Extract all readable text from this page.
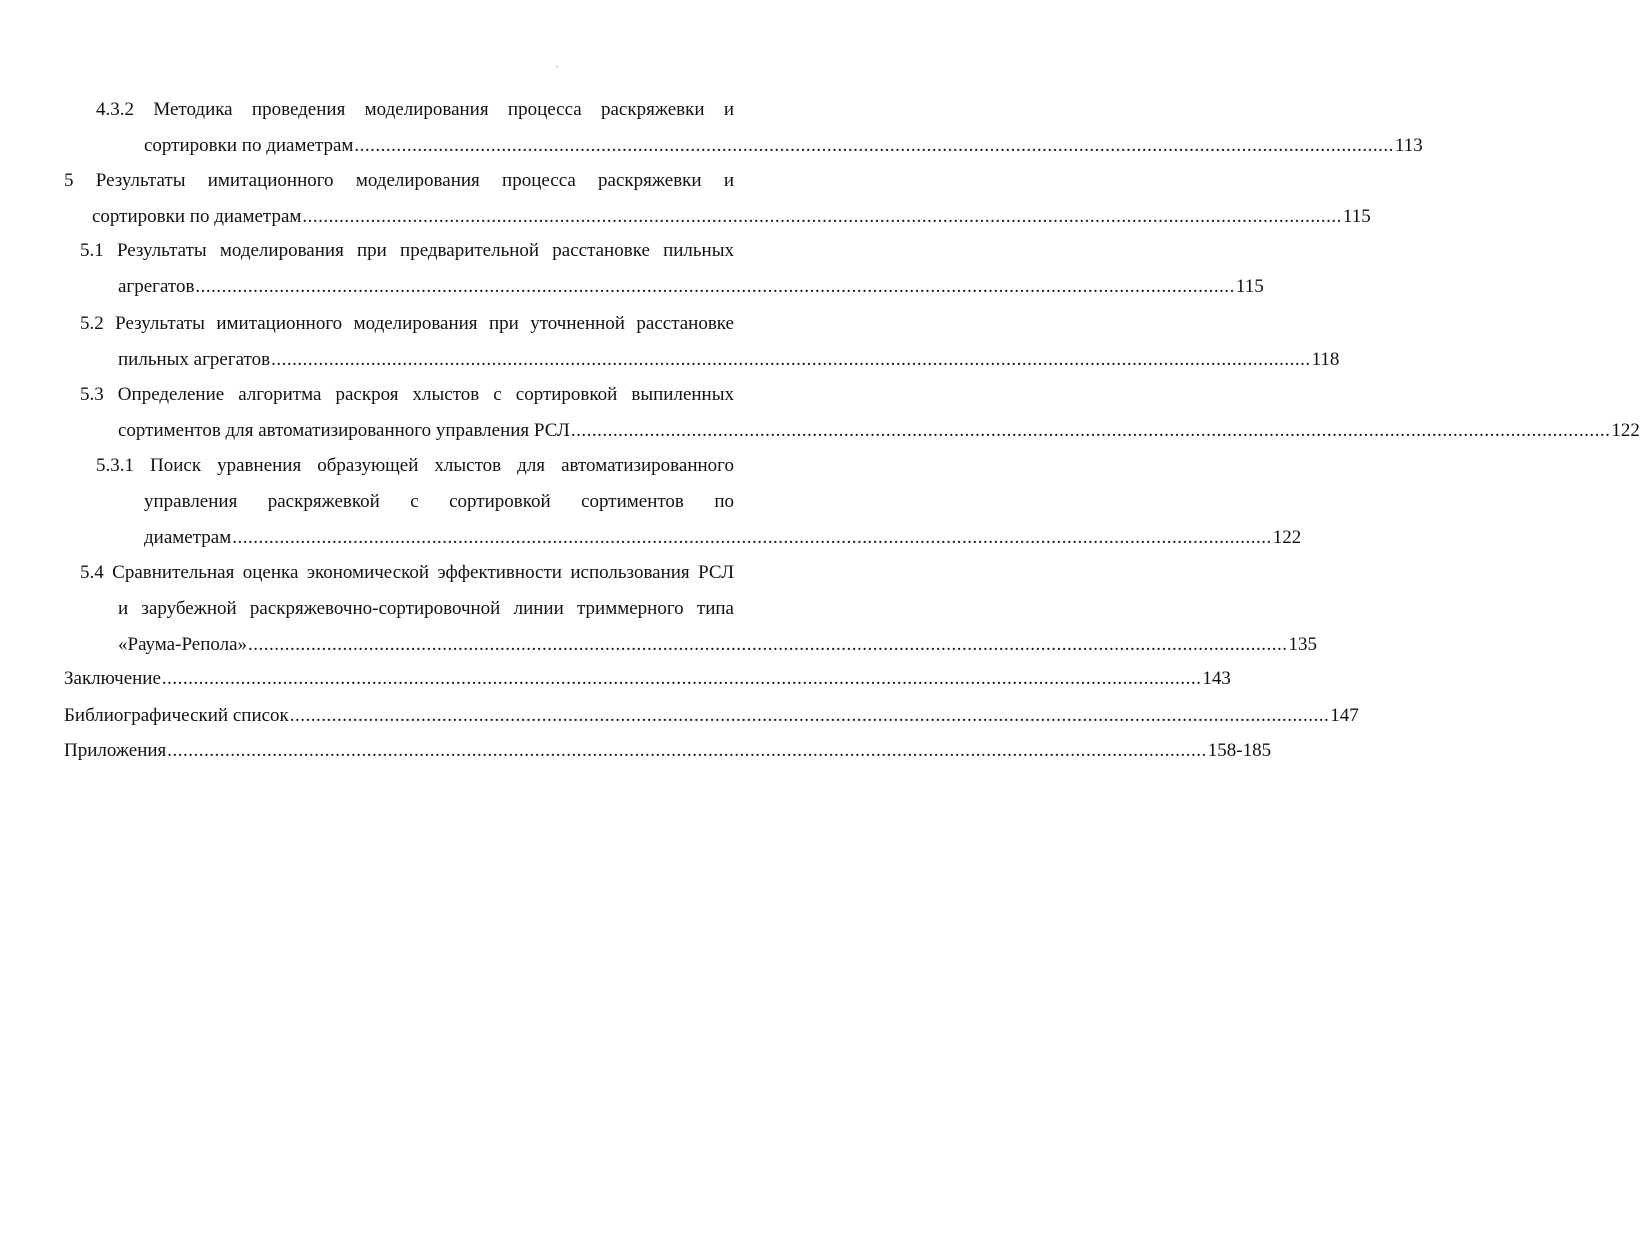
4.3.2 Методика проведения моделирования процесса раскряжевки и
сортировки по диаметрам ...................................................................................................................................................................................................... 113
5 Результаты имитационного моделирования процесса раскряжевки и
сортировки по диаметрам ...................................................................................................................................................................................................... 115
5.1 Результаты моделирования при предварительной расстановке пильных
агрегатов ...................................................................................................................................................................................................... 115
5.2 Результаты имитационного моделирования при уточненной расстановке
пильных агрегатов ...................................................................................................................................................................................................... 118
5.3 Определение алгоритма раскроя хлыстов с сортировкой выпиленных
сортиментов для автоматизированного управления РСЛ ...................................................................................................................................................................................................... 122
5.3.1 Поиск уравнения образующей хлыстов для автоматизированного
управления раскряжевкой с сортировкой сортиментов по
диаметрам ...................................................................................................................................................................................................... 122
5.4 Сравнительная оценка экономической эффективности использования РСЛ
и зарубежной раскряжевочно-сортировочной линии триммерного типа
«Раума-Репола» ...................................................................................................................................................................................................... 135
Заключение ...................................................................................................................................................................................................... 143
Библиографический список ...................................................................................................................................................................................................... 147
Приложения ...................................................................................................................................................................................................... 158-185
